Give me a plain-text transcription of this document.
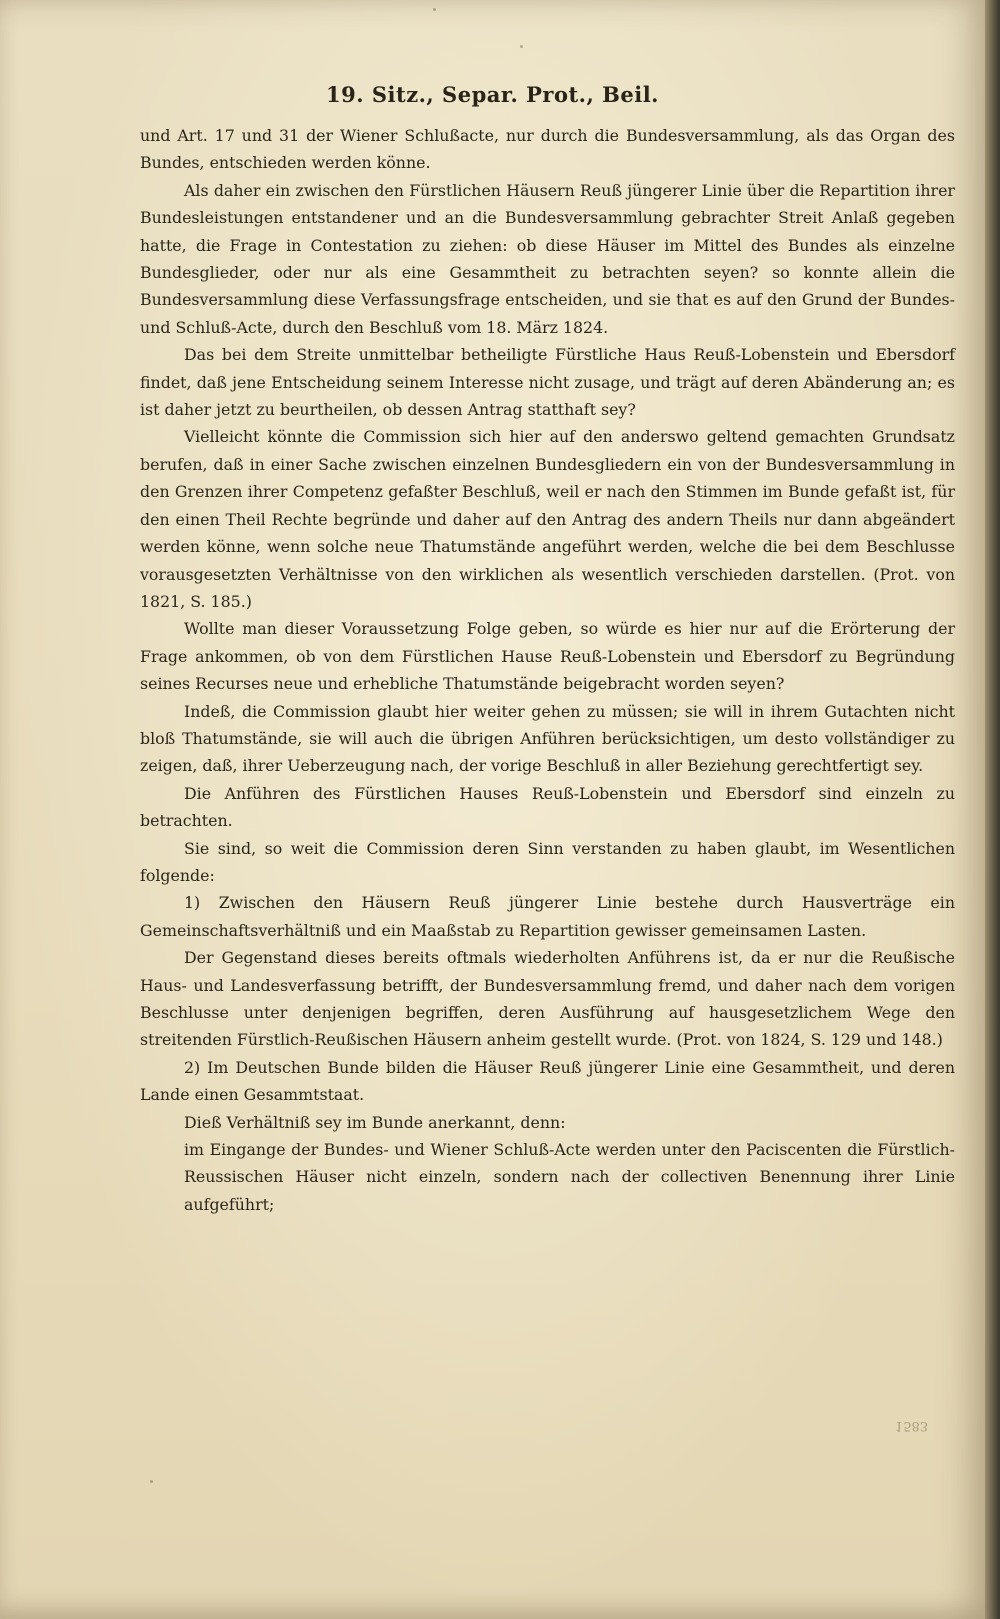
19. Sitz., Separ. Prot., Beil.

und Art. 17 und 31 der Wiener Schlußacte, nur durch die Bundesversammlung, als das Organ des Bundes, entschieden werden könne.

Als daher ein zwischen den Fürstlichen Häusern Reuß jüngerer Linie über die Repartition ihrer Bundesleistungen entstandener und an die Bundesversammlung gebrachter Streit Anlaß gegeben hatte, die Frage in Contestation zu ziehen: ob diese Häuser im Mittel des Bundes als einzelne Bundesglieder, oder nur als eine Gesammtheit zu betrachten seyen? so konnte allein die Bundesversammlung diese Verfassungsfrage entscheiden, und sie that es auf den Grund der Bundes- und Schluß-Acte, durch den Beschluß vom 18. März 1824.

Das bei dem Streite unmittelbar betheiligte Fürstliche Haus Reuß-Lobenstein und Ebersdorf findet, daß jene Entscheidung seinem Interesse nicht zusage, und trägt auf deren Abänderung an; es ist daher jetzt zu beurtheilen, ob dessen Antrag statthaft sey?

Vielleicht könnte die Commission sich hier auf den anderswo geltend gemachten Grundsatz berufen, daß in einer Sache zwischen einzelnen Bundesgliedern ein von der Bundesversammlung in den Grenzen ihrer Competenz gefaßter Beschluß, weil er nach den Stimmen im Bunde gefaßt ist, für den einen Theil Rechte begründe und daher auf den Antrag des andern Theils nur dann abgeändert werden könne, wenn solche neue Thatumstände angeführt werden, welche die bei dem Beschlusse vorausgesetzten Verhältnisse von den wirklichen als wesentlich verschieden darstellen. (Prot. von 1821, S. 185.)

Wollte man dieser Voraussetzung Folge geben, so würde es hier nur auf die Erörterung der Frage ankommen, ob von dem Fürstlichen Hause Reuß-Lobenstein und Ebersdorf zu Begründung seines Recurses neue und erhebliche Thatumstände beigebracht worden seyen?

Indeß, die Commission glaubt hier weiter gehen zu müssen; sie will in ihrem Gutachten nicht bloß Thatumstände, sie will auch die übrigen Anführen berücksichtigen, um desto vollständiger zu zeigen, daß, ihrer Ueberzeugung nach, der vorige Beschluß in aller Beziehung gerechtfertigt sey.

Die Anführen des Fürstlichen Hauses Reuß-Lobenstein und Ebersdorf sind einzeln zu betrachten.

Sie sind, so weit die Commission deren Sinn verstanden zu haben glaubt, im Wesentlichen folgende:

1) Zwischen den Häusern Reuß jüngerer Linie bestehe durch Hausverträge ein Gemeinschaftsverhältniß und ein Maaßstab zu Repartition gewisser gemeinsamen Lasten.

Der Gegenstand dieses bereits oftmals wiederholten Anführens ist, da er nur die Reußische Haus- und Landesverfassung betrifft, der Bundesversammlung fremd, und daher nach dem vorigen Beschlusse unter denjenigen begriffen, deren Ausführung auf hausgesetzlichem Wege den streitenden Fürstlich-Reußischen Häusern anheim gestellt wurde. (Prot. von 1824, S. 129 und 148.)

2) Im Deutschen Bunde bilden die Häuser Reuß jüngerer Linie eine Gesammtheit, und deren Lande einen Gesammtstaat.

Dieß Verhältniß sey im Bunde anerkannt, denn:

im Eingange der Bundes- und Wiener Schluß-Acte werden unter den Paciscenten die Fürstlich-Reussischen Häuser nicht einzeln, sondern nach der collectiven Benennung ihrer Linie aufgeführt;

1583
